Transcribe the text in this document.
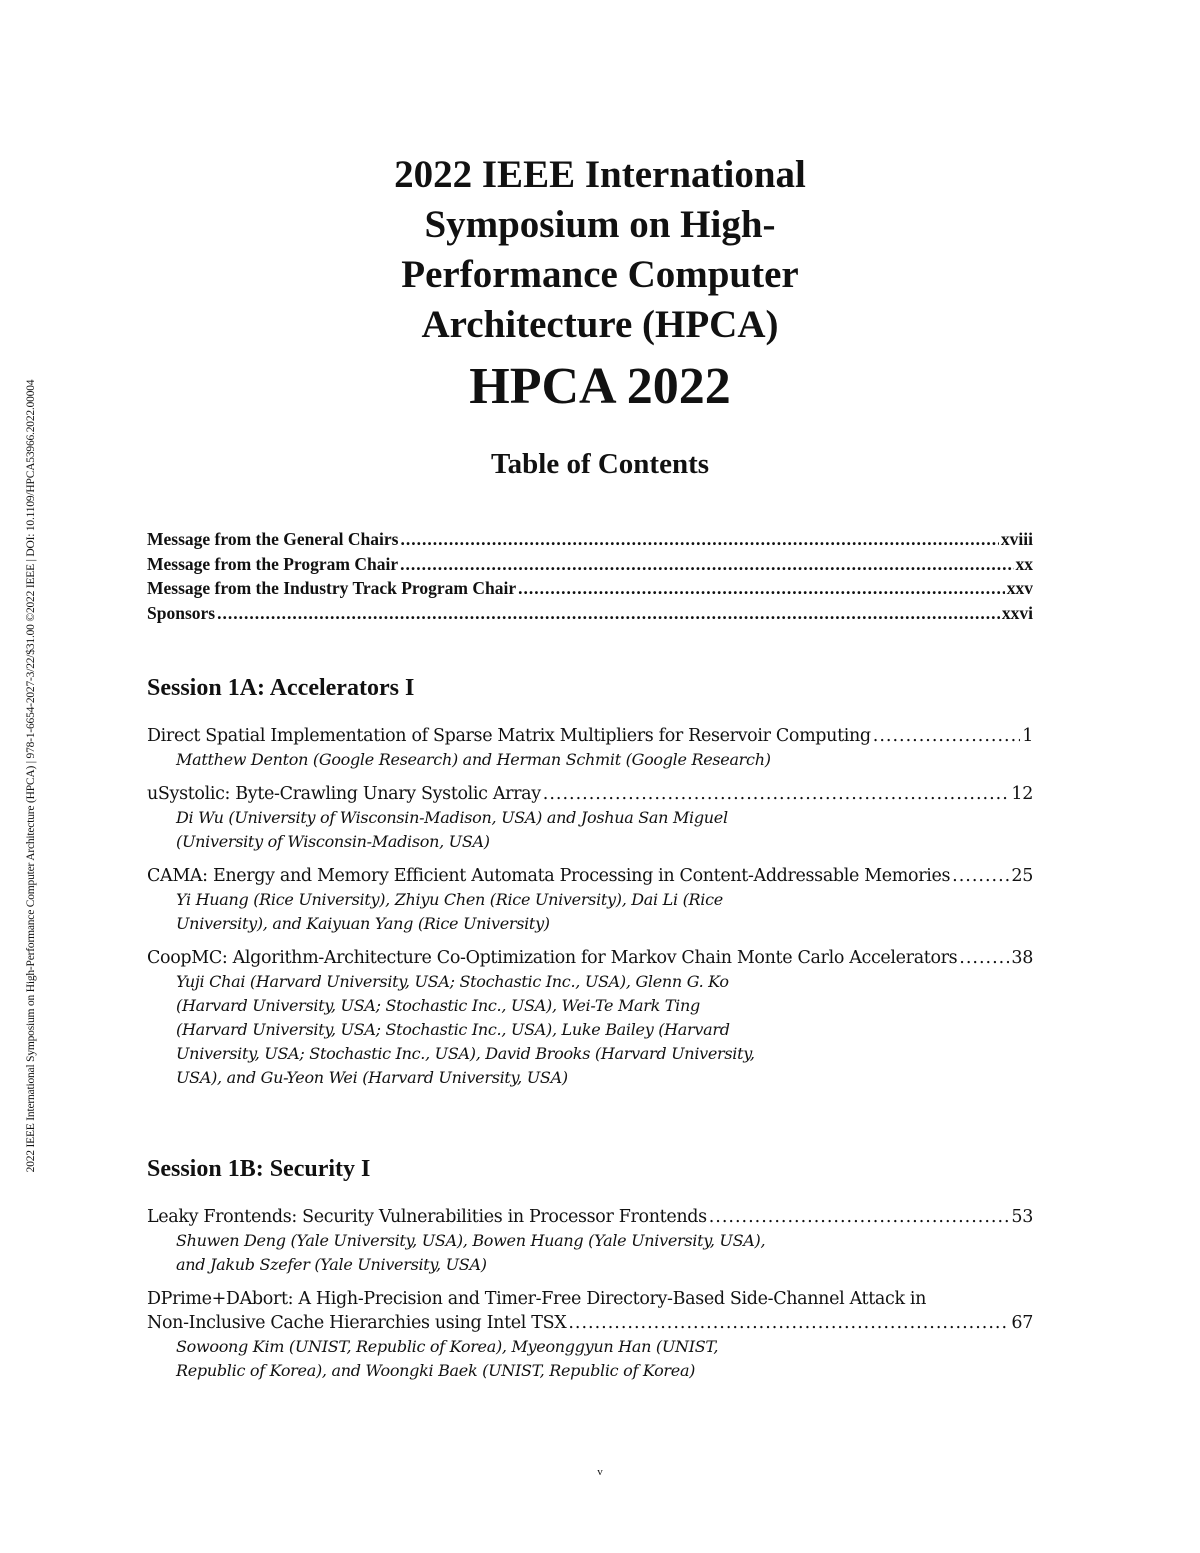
2022 IEEE International Symposium on High-Performance Computer Architecture (HPCA) | 978-1-6654-2027-3/22/$31.00 ©2022 IEEE | DOI: 10.1109/HPCA53966.2022.00004
2022 IEEE International
Symposium on High-
Performance Computer
Architecture (HPCA)
HPCA 2022
Table of Contents
Message from the General Chairs .....	xviii
Message from the Program Chair .....	xx
Message from the Industry Track Program Chair .....	xxv
Sponsors .....	xxvi
Session 1A: Accelerators I
Direct Spatial Implementation of Sparse Matrix Multipliers for Reservoir Computing .....	1
Matthew Denton (Google Research) and Herman Schmit (Google Research)
uSystolic: Byte-Crawling Unary Systolic Array .....	12
Di Wu (University of Wisconsin-Madison, USA) and Joshua San Miguel (University of Wisconsin-Madison, USA)
CAMA: Energy and Memory Efficient Automata Processing in Content-Addressable Memories .....	25
Yi Huang (Rice University), Zhiyu Chen (Rice University), Dai Li (Rice University), and Kaiyuan Yang (Rice University)
CoopMC: Algorithm-Architecture Co-Optimization for Markov Chain Monte Carlo Accelerators .....	38
Yuji Chai (Harvard University, USA; Stochastic Inc., USA), Glenn G. Ko (Harvard University, USA; Stochastic Inc., USA), Wei-Te Mark Ting (Harvard University, USA; Stochastic Inc., USA), Luke Bailey (Harvard University, USA; Stochastic Inc., USA), David Brooks (Harvard University, USA), and Gu-Yeon Wei (Harvard University, USA)
Session 1B: Security I
Leaky Frontends: Security Vulnerabilities in Processor Frontends .....	53
Shuwen Deng (Yale University, USA), Bowen Huang (Yale University, USA), and Jakub Szefer (Yale University, USA)
DPrime+DAbort: A High-Precision and Timer-Free Directory-Based Side-Channel Attack in
Non-Inclusive Cache Hierarchies using Intel TSX .....	67
Sowoong Kim (UNIST, Republic of Korea), Myeonggyun Han (UNIST, Republic of Korea), and Woongki Baek (UNIST, Republic of Korea)
v
